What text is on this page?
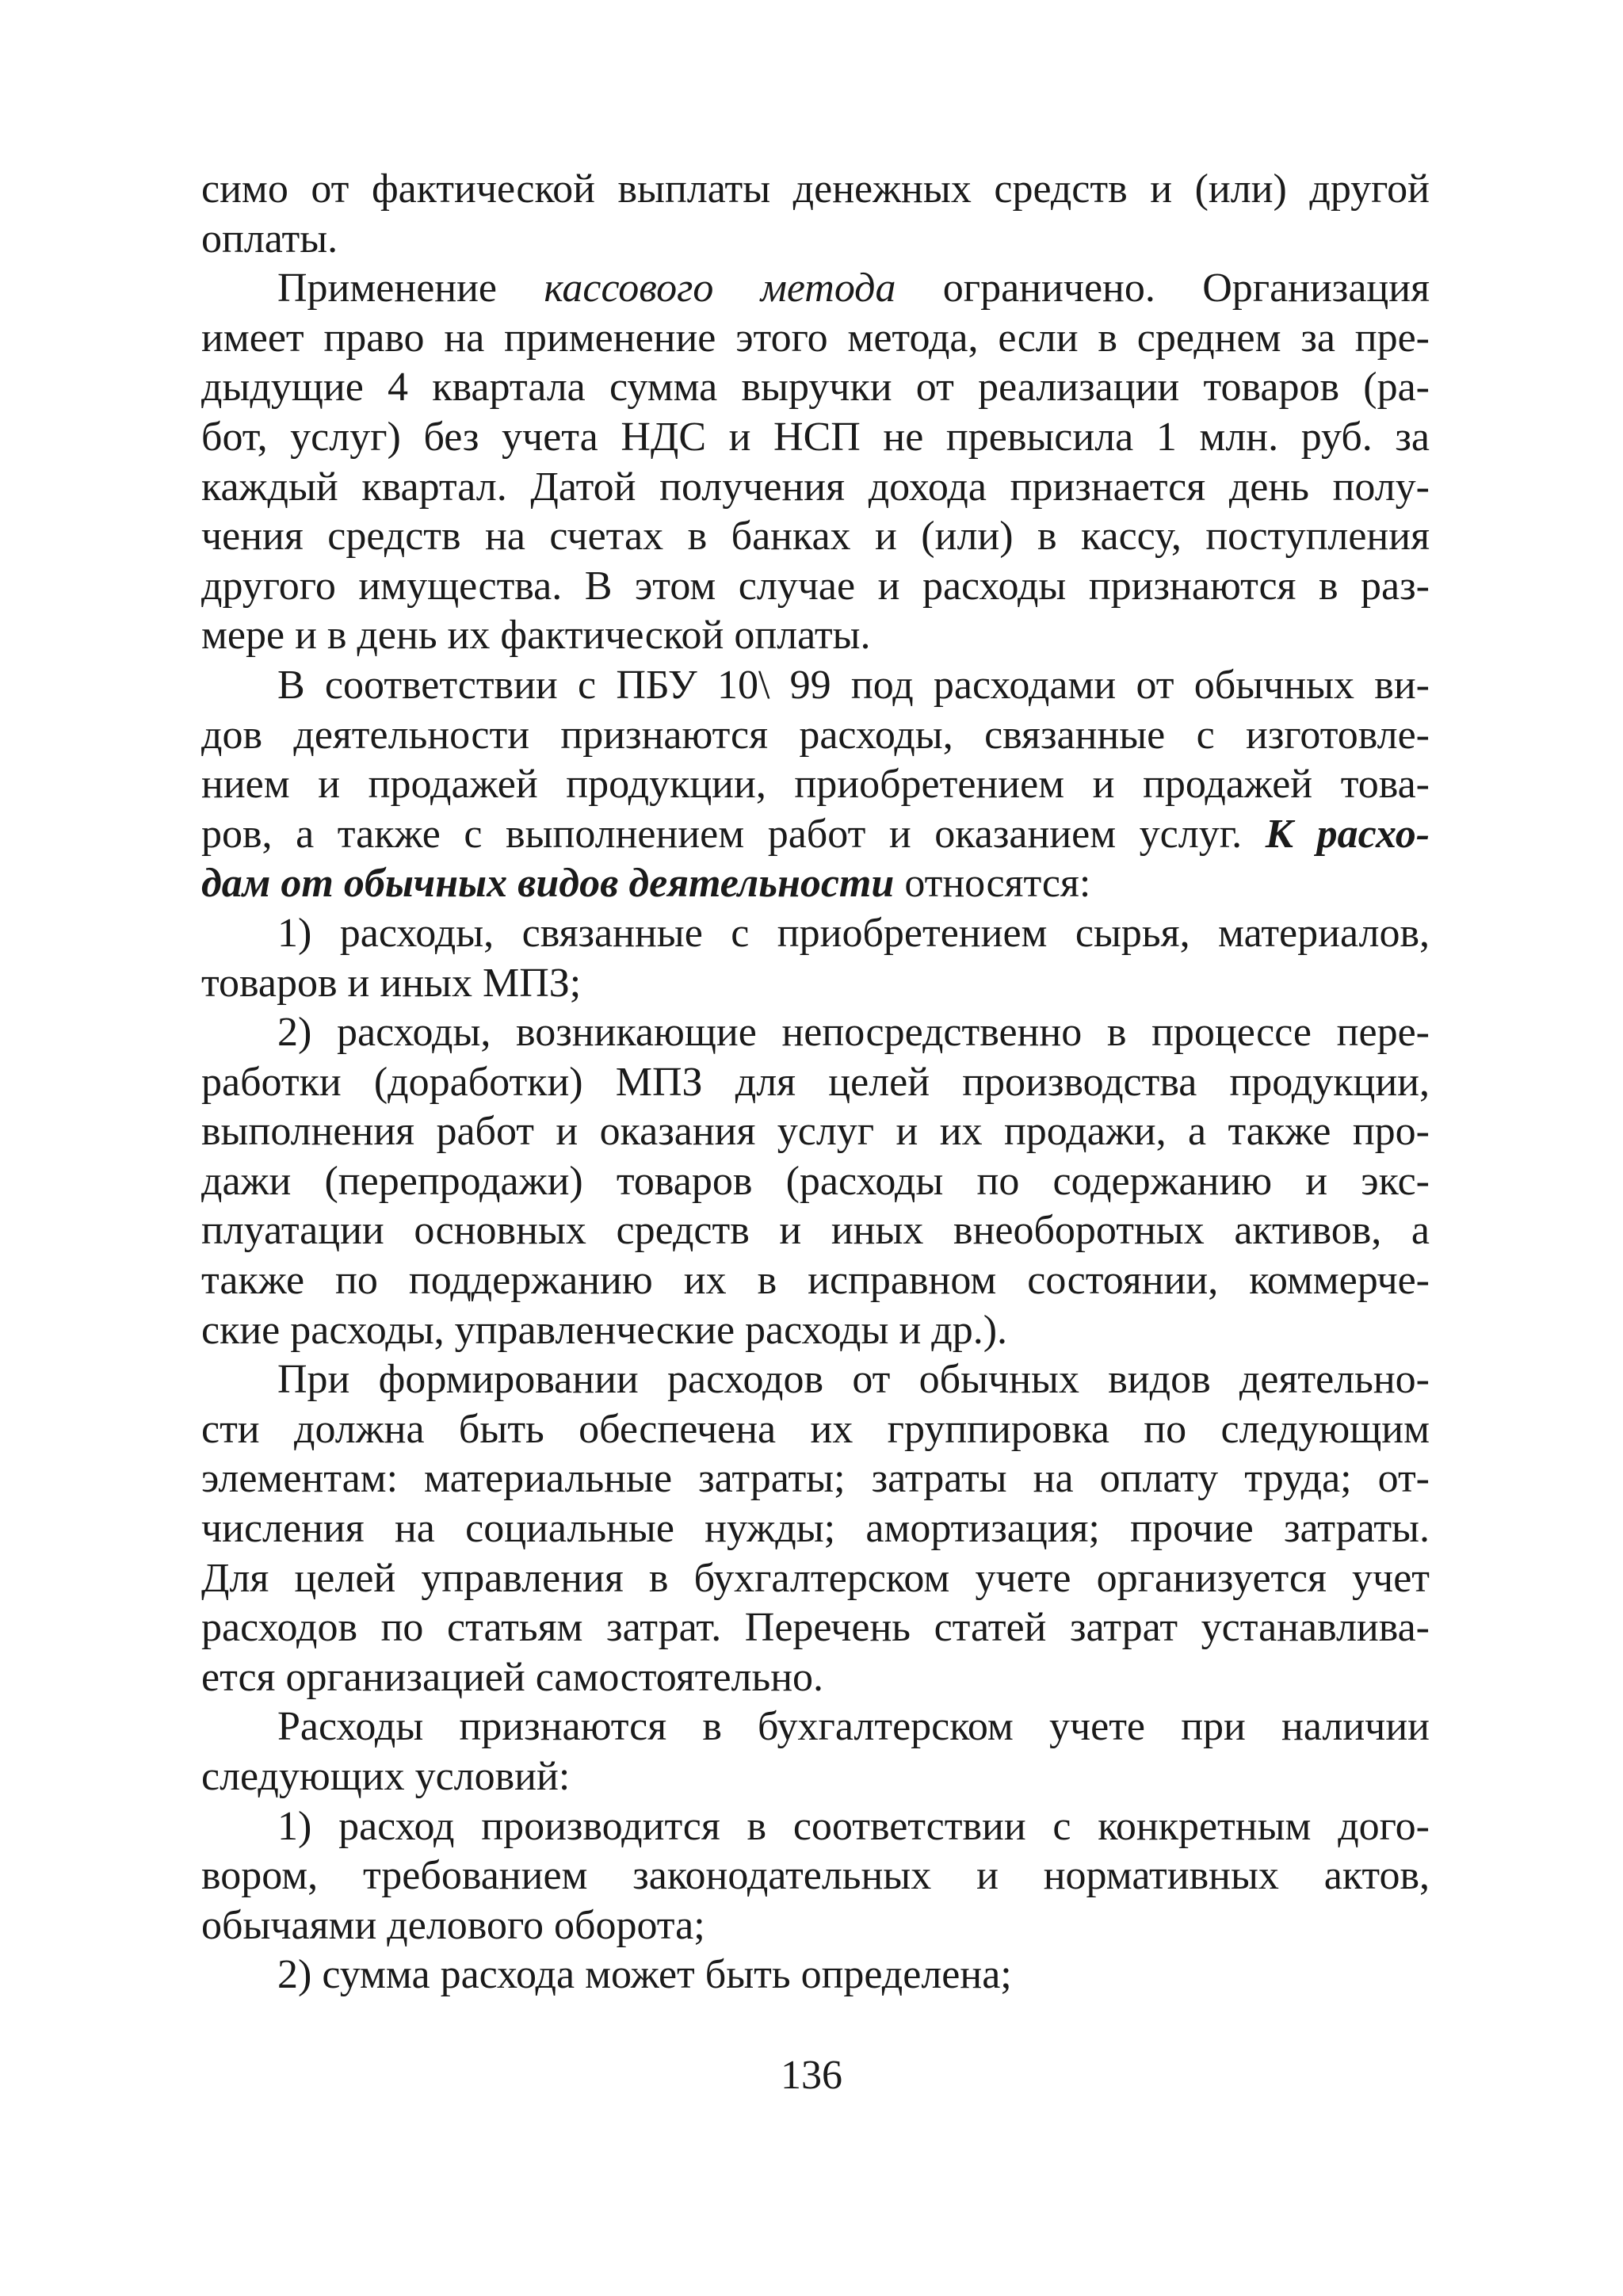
симо от фактической выплаты денежных средств и (или) другой
оплаты.
Применение кассового метода ограничено. Организация
имеет право на применение этого метода, если в среднем за пре-
дыдущие 4 квартала сумма выручки от реализации товаров (ра-
бот, услуг) без учета НДС и НСП не превысила 1 млн. руб. за
каждый квартал. Датой получения дохода признается день полу-
чения средств на счетах в банках и (или) в кассу, поступления
другого имущества. В этом случае и расходы признаются в раз-
мере и в день их фактической оплаты.
В соответствии с ПБУ 10\ 99 под расходами от обычных ви-
дов деятельности признаются расходы, связанные с изготовле-
нием и продажей продукции, приобретением и продажей това-
ров, а также с выполнением работ и оказанием услуг. К расхо-
дам от обычных видов деятельности относятся:
1) расходы, связанные с приобретением сырья, материалов,
товаров и иных МПЗ;
2) расходы, возникающие непосредственно в процессе пере-
работки (доработки) МПЗ для целей производства продукции,
выполнения работ и оказания услуг и их продажи, а также про-
дажи (перепродажи) товаров (расходы по содержанию и экс-
плуатации основных средств и иных внеоборотных активов, а
также по поддержанию их в исправном состоянии, коммерче-
ские расходы, управленческие расходы и др.).
При формировании расходов от обычных видов деятельно-
сти должна быть обеспечена их группировка по следующим
элементам: материальные затраты; затраты на оплату труда; от-
числения на социальные нужды; амортизация; прочие затраты.
Для целей управления в бухгалтерском учете организуется учет
расходов по статьям затрат. Перечень статей затрат устанавлива-
ется организацией самостоятельно.
Расходы признаются в бухгалтерском учете при наличии
следующих условий:
1) расход производится в соответствии с конкретным дого-
вором, требованием законодательных и нормативных актов,
обычаями делового оборота;
2) сумма расхода может быть определена;
136
